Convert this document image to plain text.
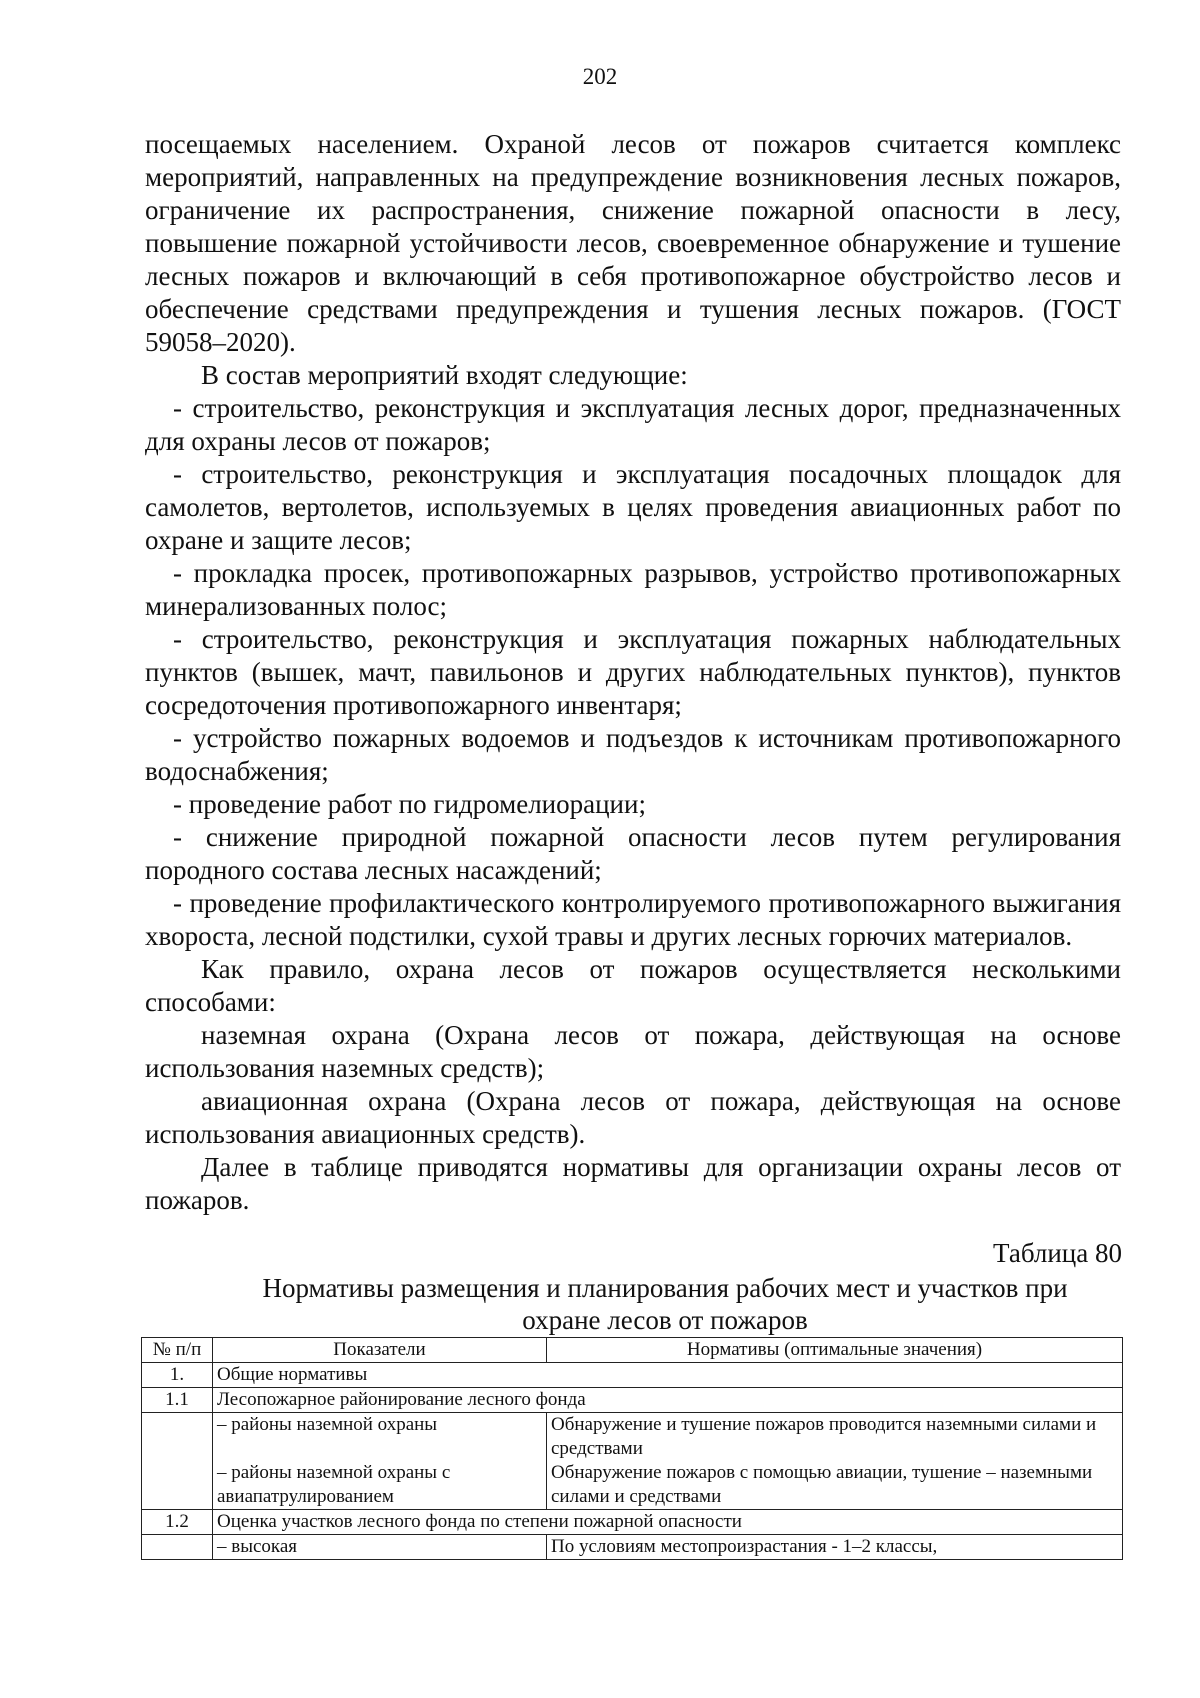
202

посещаемых населением. Охраной лесов от пожаров считается комплекс мероприятий, направленных на предупреждение возникновения лесных пожаров, ограничение их распространения, снижение пожарной опасности в лесу, повышение пожарной устойчивости лесов, своевременное обнаружение и тушение лесных пожаров и включающий в себя противопожарное обустройство лесов и обеспечение средствами предупреждения и тушения лесных пожаров. (ГОСТ 59058–2020).

В состав мероприятий входят следующие:

- строительство, реконструкция и эксплуатация лесных дорог, предназначенных для охраны лесов от пожаров;

- строительство, реконструкция и эксплуатация посадочных площадок для самолетов, вертолетов, используемых в целях проведения авиационных работ по охране и защите лесов;

- прокладка просек, противопожарных разрывов, устройство противопожарных минерализованных полос;

- строительство, реконструкция и эксплуатация пожарных наблюдательных пунктов (вышек, мачт, павильонов и других наблюдательных пунктов), пунктов сосредоточения противопожарного инвентаря;

- устройство пожарных водоемов и подъездов к источникам противопожарного водоснабжения;

- проведение работ по гидромелиорации;

- снижение природной пожарной опасности лесов путем регулирования породного состава лесных насаждений;

- проведение профилактического контролируемого противопожарного выжигания хвороста, лесной подстилки, сухой травы и других лесных горючих материалов.

Как правило, охрана лесов от пожаров осуществляется несколькими способами:

наземная охрана (Охрана лесов от пожара, действующая на основе использования наземных средств);

авиационная охрана (Охрана лесов от пожара, действующая на основе использования авиационных средств).

Далее в таблице приводятся нормативы для организации охраны лесов от пожаров.

Таблица 80
Нормативы размещения и планирования рабочих мест и участков при охране лесов от пожаров
№ п/п	Показатели	Нормативы (оптимальные значения)
1.	Общие нормативы	
1.1	Лесопожарное районирование лесного фонда	
	– районы наземной охраны	Обнаружение и тушение пожаров проводится наземными силами и средствами
	– районы наземной охраны с авиапатрулированием	Обнаружение пожаров с помощью авиации, тушение – наземными силами и средствами
1.2	Оценка участков лесного фонда по степени пожарной опасности	
	– высокая	По условиям местопроизрастания - 1–2 классы,
